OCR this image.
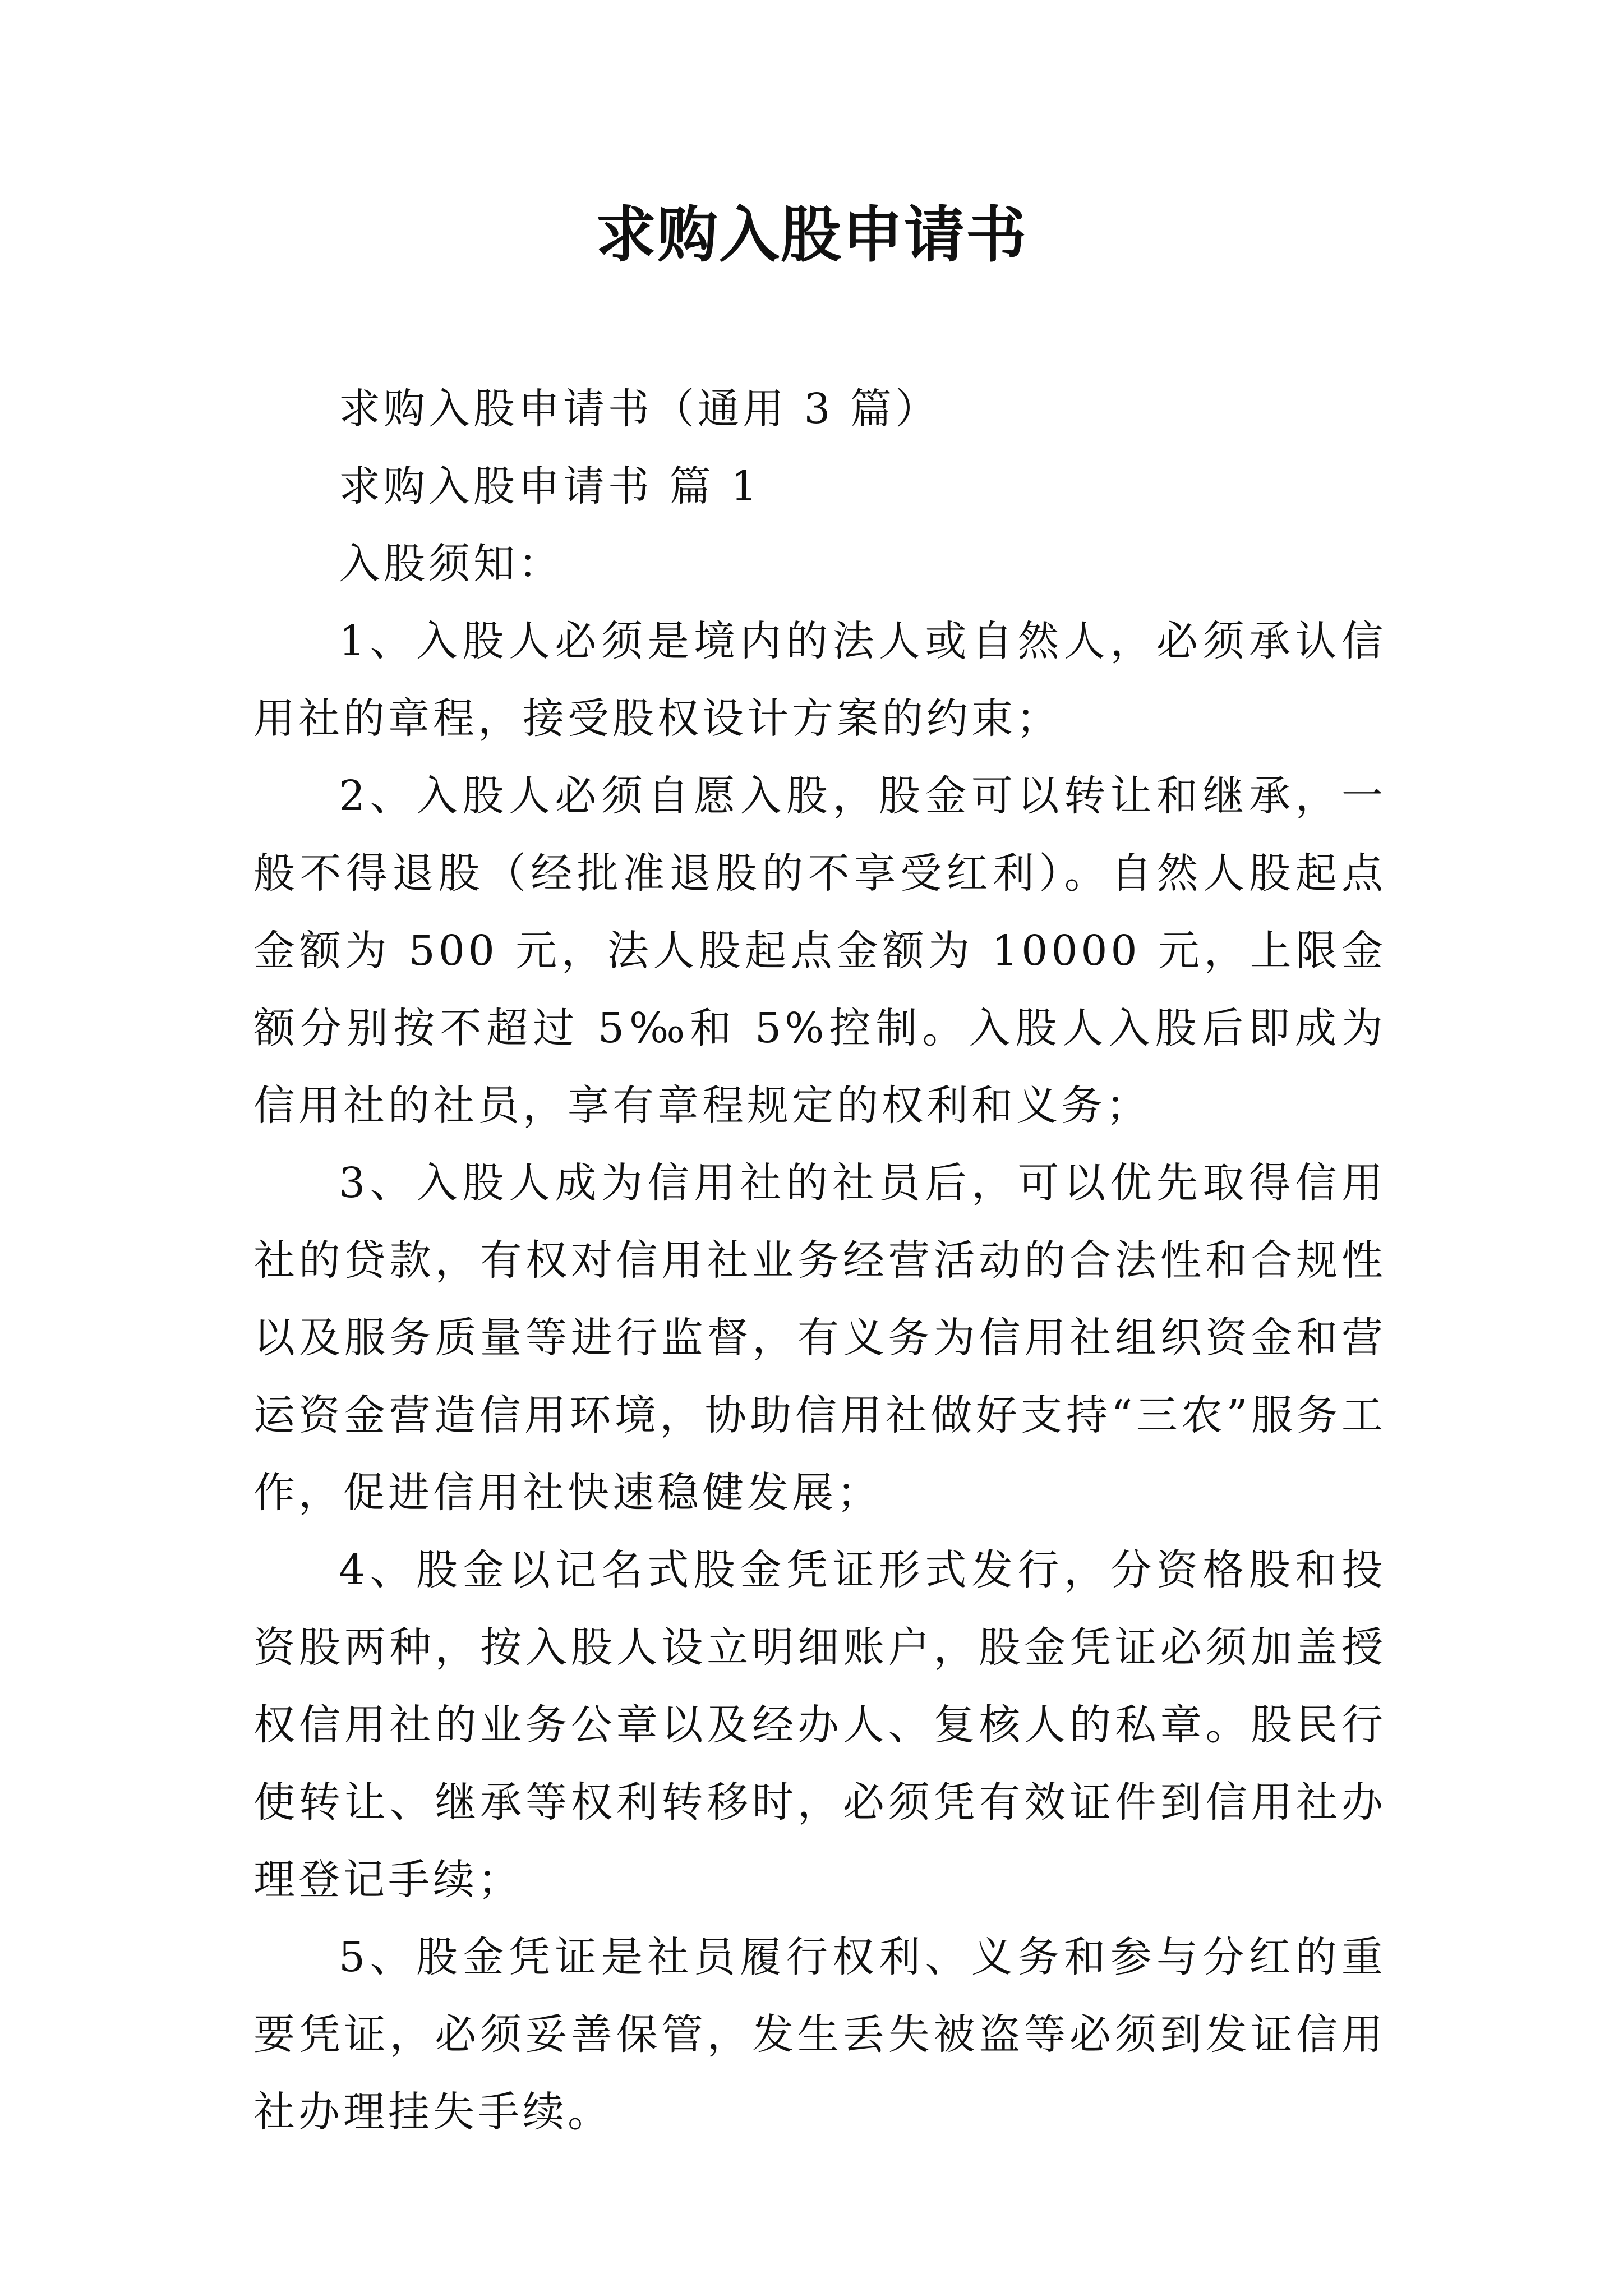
求购入股申请书

求购入股申请书（通用 3 篇）

求购入股申请书 篇 1

入股须知：

1、入股人必须是境内的法人或自然人，必须承认信用社的章程，接受股权设计方案的约束；

2、入股人必须自愿入股，股金可以转让和继承，一般不得退股（经批准退股的不享受红利）。自然人股起点金额为 500 元，法人股起点金额为 10000 元，上限金额分别按不超过 5‰和 5%控制。入股人入股后即成为信用社的社员，享有章程规定的权利和义务；

3、入股人成为信用社的社员后，可以优先取得信用社的贷款，有权对信用社业务经营活动的合法性和合规性以及服务质量等进行监督，有义务为信用社组织资金和营运资金营造信用环境，协助信用社做好支持“三农”服务工作，促进信用社快速稳健发展；

4、股金以记名式股金凭证形式发行，分资格股和投资股两种，按入股人设立明细账户，股金凭证必须加盖授权信用社的业务公章以及经办人、复核人的私章。股民行使转让、继承等权利转移时，必须凭有效证件到信用社办理登记手续；

5、股金凭证是社员履行权利、义务和参与分红的重要凭证，必须妥善保管，发生丢失被盗等必须到发证信用社办理挂失手续。
